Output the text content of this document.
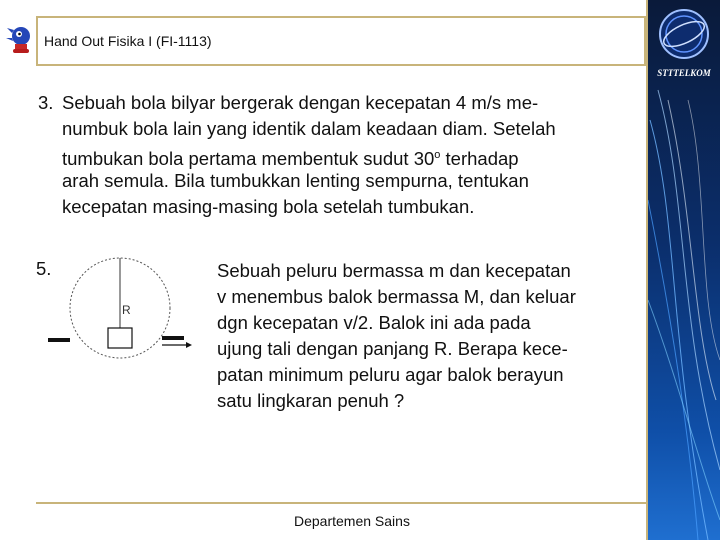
Hand Out Fisika I (FI-1113)
STTTELKOM
3. Sebuah bola bilyar bergerak dengan kecepatan 4 m/s me-
numbuk bola lain yang identik dalam keadaan diam. Setelah
tumbukan bola pertama membentuk sudut 30$^o$ terhadap
arah semula. Bila tumbukkan lenting sempurna, tentukan
kecepatan masing-masing bola setelah tumbukan.
5.
R
Sebuah peluru bermassa m dan kecepatan
v menembus balok bermassa M, dan keluar
dgn kecepatan v/2. Balok ini ada pada
ujung tali dengan panjang R. Berapa kece-
patan minimum peluru agar balok berayun
satu lingkaran penuh ?
Departemen Sains
